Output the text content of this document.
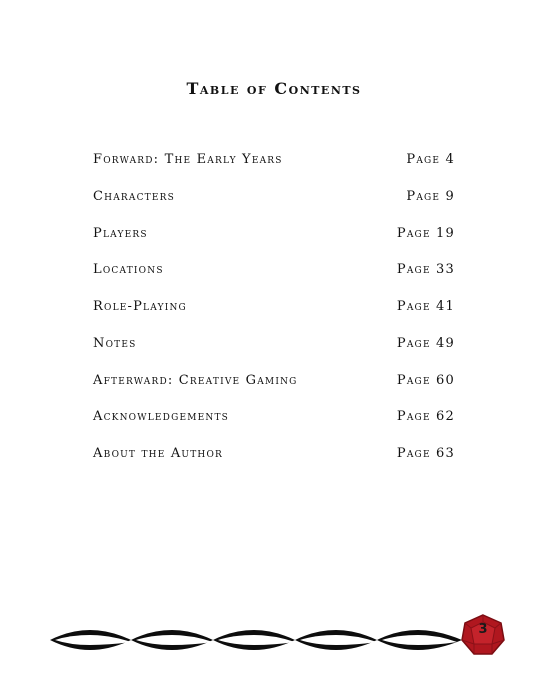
Table of Contents
Forward: The Early Years	Page 4
Characters	Page 9
Players	Page 19
Locations	Page 33
Role-Playing	Page 41
Notes	Page 49
Afterward: Creative Gaming	Page 60
Acknowledgements	Page 62
About the Author	Page 63
3
